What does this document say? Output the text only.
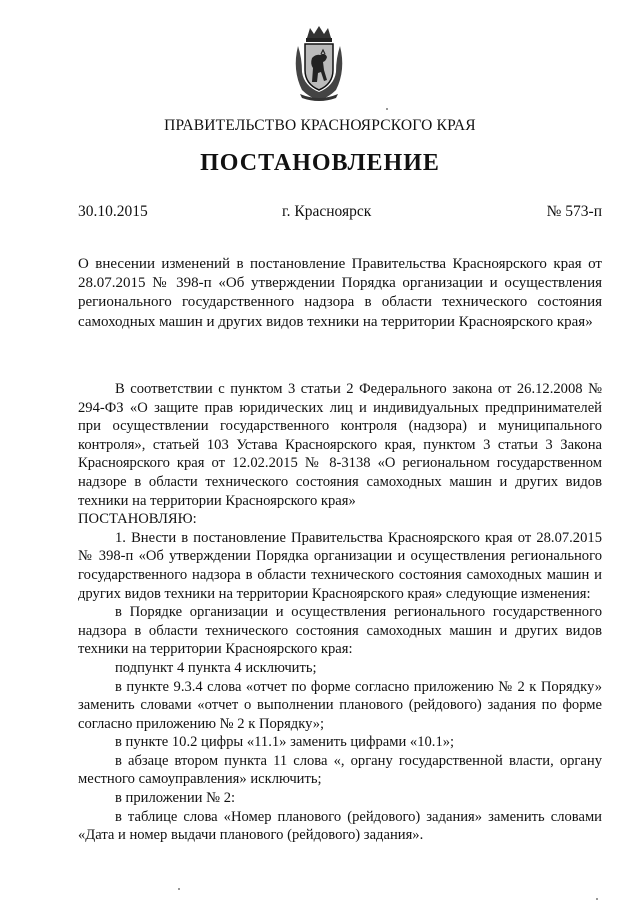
ПРАВИТЕЛЬСТВО КРАСНОЯРСКОГО КРАЯ
ПОСТАНОВЛЕНИЕ
30.10.2015	г. Красноярск	№ 573-п
О внесении изменений в постановление Правительства Красноярского края от 28.07.2015 № 398-п «Об утверждении Порядка организации и осуществления регионального государственного надзора в области технического состояния самоходных машин и других видов техники на территории Красноярского края»

В соответствии с пунктом 3 статьи 2 Федерального закона от 26.12.2008 № 294-ФЗ «О защите прав юридических лиц и индивидуальных предпринимателей при осуществлении государственного контроля (надзора) и муниципального контроля», статьей 103 Устава Красноярского края, пунктом 3 статьи 3 Закона Красноярского края от 12.02.2015 № 8-3138 «О региональном государственном надзоре в области технического состояния самоходных машин и других видов техники на территории Красноярского края»

ПОСТАНОВЛЯЮ:

1. Внести в постановление Правительства Красноярского края от 28.07.2015 № 398-п «Об утверждении Порядка организации и осуществления регионального государственного надзора в области технического состояния самоходных машин и других видов техники на территории Красноярского края» следующие изменения:

в Порядке организации и осуществления регионального государственного надзора в области технического состояния самоходных машин и других видов техники на территории Красноярского края:

подпункт 4 пункта 4 исключить;

в пункте 9.3.4 слова «отчет по форме согласно приложению № 2 к Порядку» заменить словами «отчет о выполнении планового (рейдового) задания по форме согласно приложению № 2 к Порядку»;

в пункте 10.2 цифры «11.1» заменить цифрами «10.1»;

в абзаце втором пункта 11 слова «, органу государственной власти, органу местного самоуправления» исключить;

в приложении № 2:

в таблице слова «Номер планового (рейдового) задания» заменить словами «Дата и номер выдачи планового (рейдового) задания».
